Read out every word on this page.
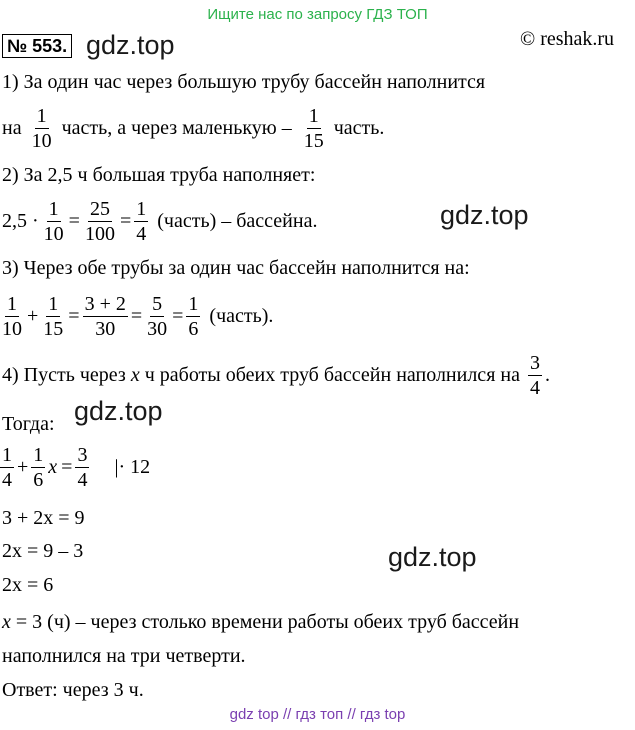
Ищите нас по запросу ГДЗ ТОП
№ 553. gdz.top	© reshak.ru
1) За один час через большую трубу бассейн наполнится
на $\frac{1}{10}$ часть, а через маленькую – $\frac{1}{15}$ часть.
2) За 2,5 ч большая труба наполняет:
$2,5 \cdot \frac{1}{10} = \frac{25}{100} = \frac{1}{4}$ (часть) – бассейна.	gdz.top
3) Через обе трубы за один час бассейн наполнится на:
$\frac{1}{10} + \frac{1}{15} = \frac{3 + 2}{30} = \frac{5}{30} = \frac{1}{6}$ (часть).
4) Пусть через
x
ч работы обеих труб бассейн наполнился на $\frac{3}{4}$ .
Тогда: gdz.top
$\frac{1}{4} + \frac{1}{6}$ $x = \frac{3}{4}$ |· 12
3 + 2x = 9
2x = 9 – 3	gdz.top
2x = 6
x = 3 (ч) – через столько времени работы обеих труб бассейн
наполнился на три четверти.
Ответ: через 3 ч.
gdz top // гдз топ // гдз top
